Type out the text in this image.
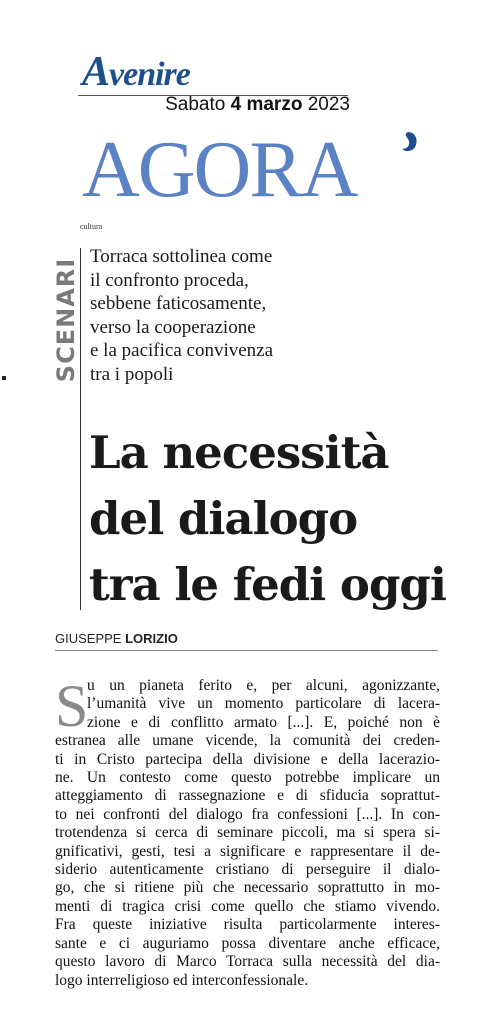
Avenire
Sabato 4 marzo 2023
AGORA
cultura
SCENARI
Torraca sottolinea come
il confronto proceda,
sebbene faticosamente,
verso la cooperazione
e la pacifica convivenza
tra i popoli
La necessità
del dialogo
tra le fedi oggi
GIUSEPPE LORIZIO
S
u un pianeta ferito e, per alcuni, agonizzante,
l’umanità vive un momento particolare di lacera-
zione e di conflitto armato [...]. E, poiché non è
estranea alle umane vicende, la comunità dei creden-
ti in Cristo partecipa della divisione e della lacerazio-
ne. Un contesto come questo potrebbe implicare un
atteggiamento di rassegnazione e di sfiducia soprattut-
to nei confronti del dialogo fra confessioni [...]. In con-
trotendenza si cerca di seminare piccoli, ma si spera si-
gnificativi, gesti, tesi a significare e rappresentare il de-
siderio autenticamente cristiano di perseguire il dialo-
go, che si ritiene più che necessario soprattutto in mo-
menti di tragica crisi come quello che stiamo vivendo.
Fra queste iniziative risulta particolarmente interes-
sante e ci auguriamo possa diventare anche efficace,
questo lavoro di Marco Torraca sulla necessità del dia-
logo interreligioso ed interconfessionale.
